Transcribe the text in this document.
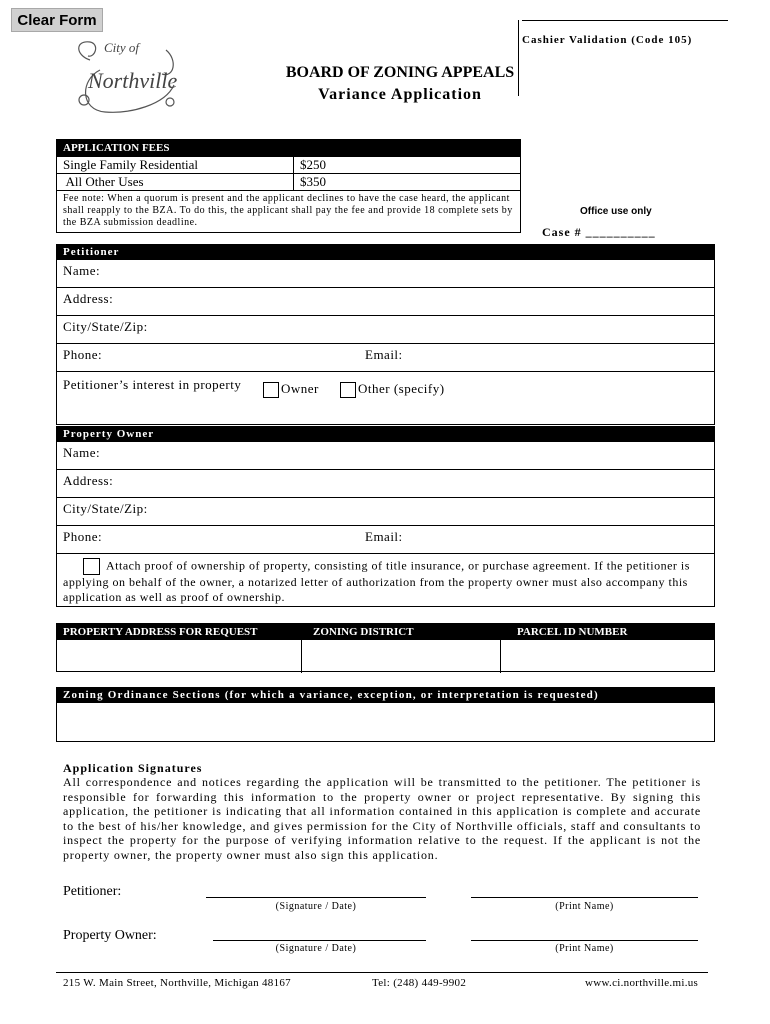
Clear Form
City of
Northville
Cashier Validation (Code 105)
BOARD OF ZONING APPEALS
Variance Application
APPLICATION FEES
Single Family Residential	$250
All Other Uses	$350
Fee note: When a quorum is present and the applicant declines to have the case heard, the applicant shall reapply to the BZA. To do this, the applicant shall pay the fee and provide 18 complete sets by the BZA submission deadline.
Office use only
Case # __________
Petitioner
Name:
Address:
City/State/Zip:
Phone:	Email:
Petitioner’s interest in property	Owner	Other (specify)
Property Owner
Name:
Address:
City/State/Zip:
Phone:	Email:
Attach proof of ownership of property, consisting of title insurance, or purchase agreement. If the petitioner is applying on behalf of the owner, a notarized letter of authorization from the property owner must also accompany this application as well as proof of ownership.
PROPERTY ADDRESS FOR REQUEST	ZONING DISTRICT	PARCEL ID NUMBER
Zoning Ordinance Sections (for which a variance, exception, or interpretation is requested)
Application Signatures
All correspondence and notices regarding the application will be transmitted to the petitioner. The petitioner is responsible for forwarding this information to the property owner or project representative. By signing this application, the petitioner is indicating that all information contained in this application is complete and accurate to the best of his/her knowledge, and gives permission for the City of Northville officials, staff and consultants to inspect the property for the purpose of verifying information relative to the request. If the applicant is not the property owner, the property owner must also sign this application.
Petitioner:
(Signature / Date)	(Print Name)
Property Owner:
(Signature / Date)	(Print Name)
215 W. Main Street, Northville, Michigan 48167	Tel: (248) 449-9902	www.ci.northville.mi.us
